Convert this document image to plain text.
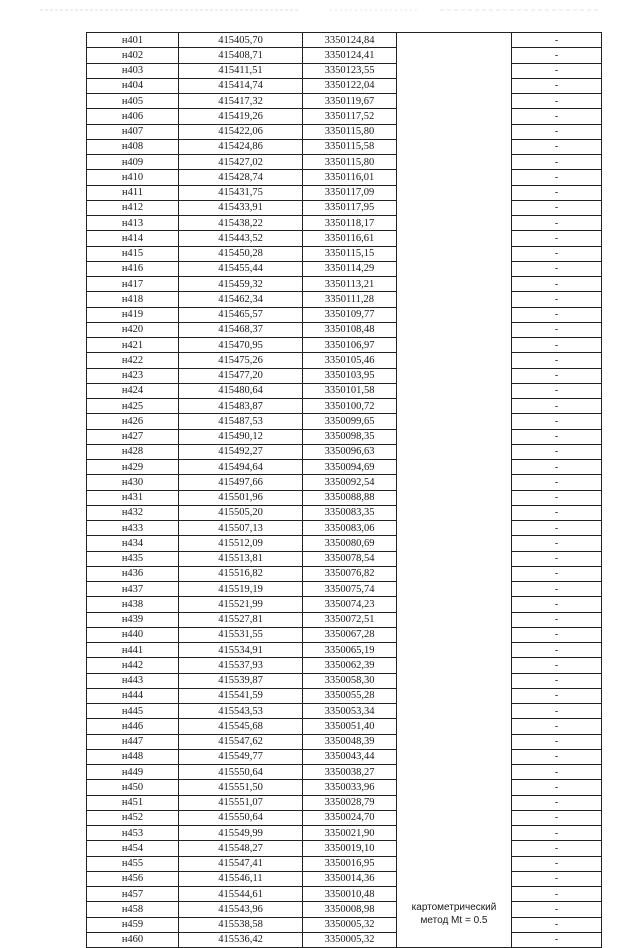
н401	415405,70	3350124,84	картометрический метод Mt = 0.5	-
н402	415408,71	3350124,41		-
н403	415411,51	3350123,55		-
н404	415414,74	3350122,04		-
н405	415417,32	3350119,67		-
н406	415419,26	3350117,52		-
н407	415422,06	3350115,80		-
н408	415424,86	3350115,58		-
н409	415427,02	3350115,80		-
н410	415428,74	3350116,01		-
н411	415431,75	3350117,09		-
н412	415433,91	3350117,95		-
н413	415438,22	3350118,17		-
н414	415443,52	3350116,61		-
н415	415450,28	3350115,15		-
н416	415455,44	3350114,29		-
н417	415459,32	3350113,21		-
н418	415462,34	3350111,28		-
н419	415465,57	3350109,77		-
н420	415468,37	3350108,48		-
н421	415470,95	3350106,97		-
н422	415475,26	3350105,46		-
н423	415477,20	3350103,95		-
н424	415480,64	3350101,58		-
н425	415483,87	3350100,72		-
н426	415487,53	3350099,65		-
н427	415490,12	3350098,35		-
н428	415492,27	3350096,63		-
н429	415494,64	3350094,69		-
н430	415497,66	3350092,54		-
н431	415501,96	3350088,88		-
н432	415505,20	3350083,35		-
н433	415507,13	3350083,06		-
н434	415512,09	3350080,69		-
н435	415513,81	3350078,54		-
н436	415516,82	3350076,82		-
н437	415519,19	3350075,74		-
н438	415521,99	3350074,23		-
н439	415527,81	3350072,51		-
н440	415531,55	3350067,28		-
н441	415534,91	3350065,19		-
н442	415537,93	3350062,39		-
н443	415539,87	3350058,30		-
н444	415541,59	3350055,28		-
н445	415543,53	3350053,34		-
н446	415545,68	3350051,40		-
н447	415547,62	3350048,39		-
н448	415549,77	3350043,44		-
н449	415550,64	3350038,27		-
н450	415551,50	3350033,96		-
н451	415551,07	3350028,79		-
н452	415550,64	3350024,70		-
н453	415549,99	3350021,90		-
н454	415548,27	3350019,10		-
н455	415547,41	3350016,95		-
н456	415546,11	3350014,36		-
н457	415544,61	3350010,48		-
н458	415543,96	3350008,98		-
н459	415538,58	3350005,32		-
н460	415536,42	3350005,32		-
